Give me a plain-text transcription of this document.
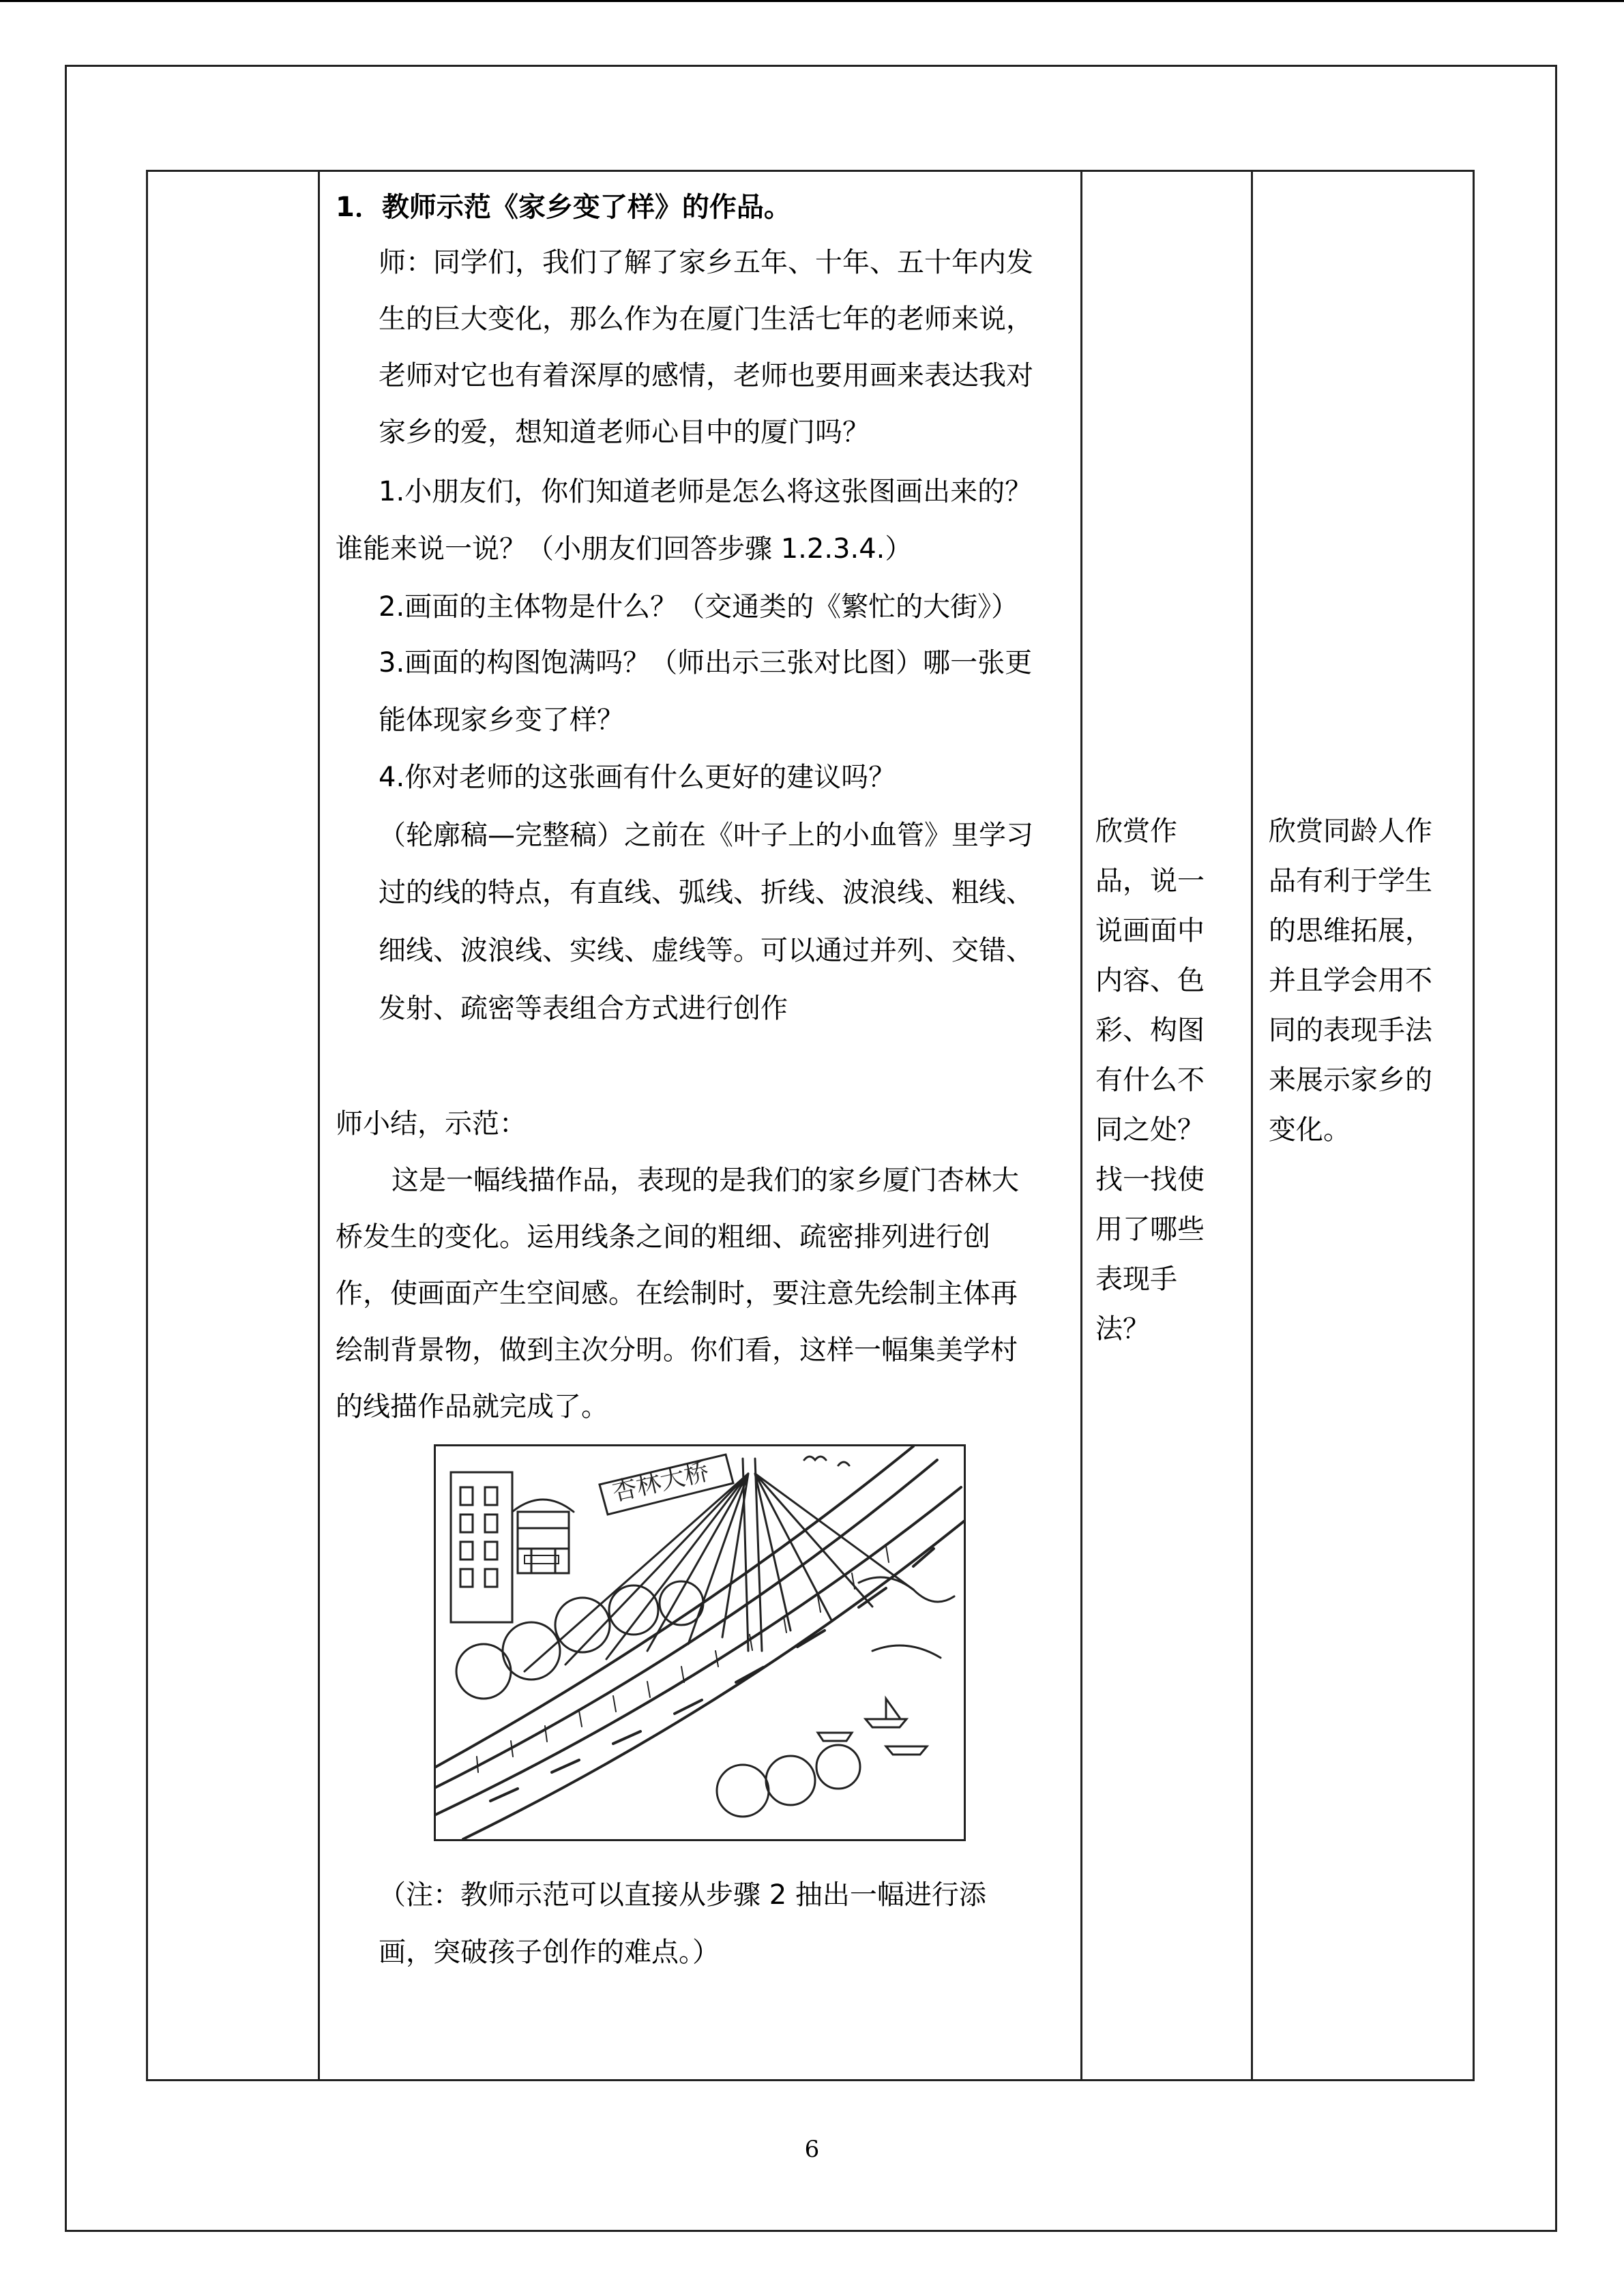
1．教师示范《家乡变了样》的作品。
师：同学们，我们了解了家乡五年、十年、五十年内发
生的巨大变化，那么作为在厦门生活七年的老师来说，
老师对它也有着深厚的感情，老师也要用画来表达我对
家乡的爱，想知道老师心目中的厦门吗？
1.小朋友们，你们知道老师是怎么将这张图画出来的？
谁能来说一说？（小朋友们回答步骤 1.2.3.4.）
2.画面的主体物是什么？（交通类的《繁忙的大街》）
3.画面的构图饱满吗？（师出示三张对比图）哪一张更
能体现家乡变了样？
4.你对老师的这张画有什么更好的建议吗？
（轮廓稿—完整稿）之前在《叶子上的小血管》里学习
过的线的特点，有直线、弧线、折线、波浪线、粗线、
细线、波浪线、实线、虚线等。可以通过并列、交错、
发射、疏密等表组合方式进行创作
师小结，示范：
这是一幅线描作品，表现的是我们的家乡厦门杏林大
桥发生的变化。运用线条之间的粗细、疏密排列进行创
作，使画面产生空间感。在绘制时，要注意先绘制主体再
绘制背景物，做到主次分明。你们看，这样一幅集美学村
的线描作品就完成了。
杏林大桥
（注：教师示范可以直接从步骤 2 抽出一幅进行添
画，突破孩子创作的难点。）
欣赏作
品，说一
说画面中
内容、色
彩、构图
有什么不
同之处？
找一找使
用了哪些
表现手
法？
欣赏同龄人作
品有利于学生
的思维拓展，
并且学会用不
同的表现手法
来展示家乡的
变化。
6
